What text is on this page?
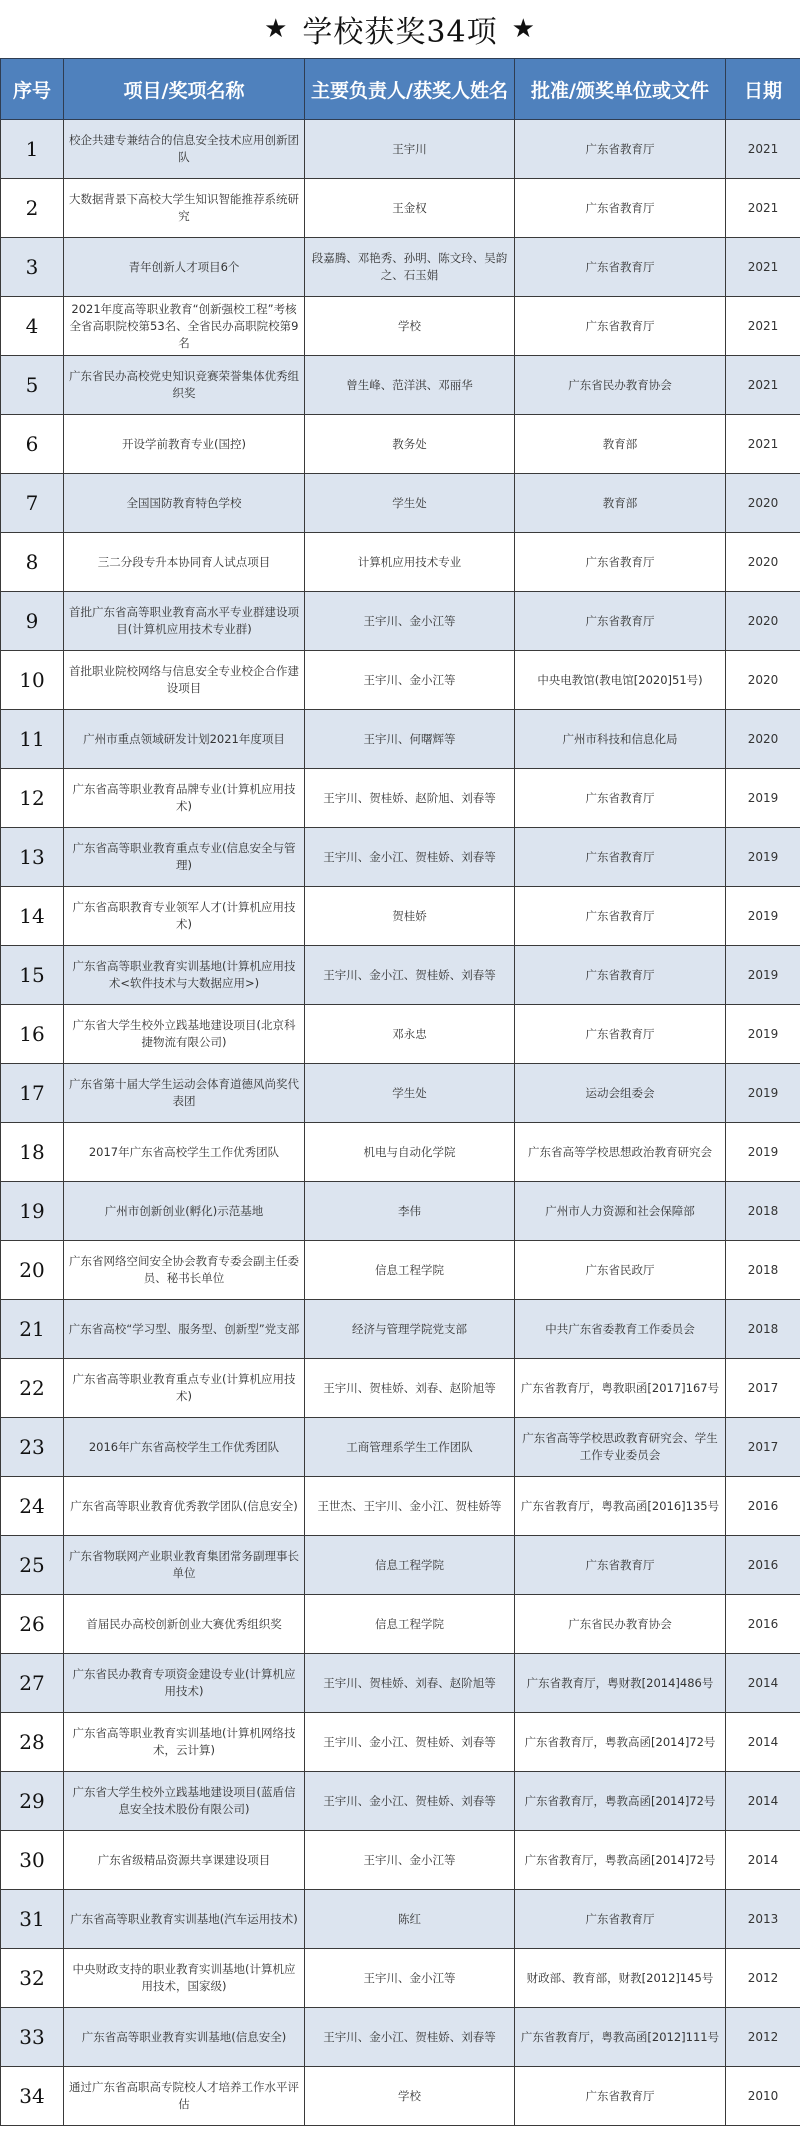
★ 学校获奖34项 ★
序号	项目/奖项名称	主要负责人/获奖人姓名	批准/颁奖单位或文件	日期
1	校企共建专兼结合的信息安全技术应用创新团队	王宇川	广东省教育厅	2021
2	大数据背景下高校大学生知识智能推荐系统研究	王金权	广东省教育厅	2021
3	青年创新人才项目6个	段嘉腾、邓艳秀、孙明、陈文玲、吴韵之、石玉娟	广东省教育厅	2021
4	2021年度高等职业教育“创新强校工程”考核全省高职院校第53名、全省民办高职院校第9名	学校	广东省教育厅	2021
5	广东省民办高校党史知识竞赛荣誉集体优秀组织奖	曾生峰、范洋淇、邓丽华	广东省民办教育协会	2021
6	开设学前教育专业(国控)	教务处	教育部	2021
7	全国国防教育特色学校	学生处	教育部	2020
8	三二分段专升本协同育人试点项目	计算机应用技术专业	广东省教育厅	2020
9	首批广东省高等职业教育高水平专业群建设项目(计算机应用技术专业群)	王宇川、金小江等	广东省教育厅	2020
10	首批职业院校网络与信息安全专业校企合作建设项目	王宇川、金小江等	中央电教馆(教电馆[2020]51号)	2020
11	广州市重点领域研发计划2021年度项目	王宇川、何曙辉等	广州市科技和信息化局	2020
12	广东省高等职业教育品牌专业(计算机应用技术)	王宇川、贺桂娇、赵阶旭、刘春等	广东省教育厅	2019
13	广东省高等职业教育重点专业(信息安全与管理)	王宇川、金小江、贺桂娇、刘春等	广东省教育厅	2019
14	广东省高职教育专业领军人才(计算机应用技术)	贺桂娇	广东省教育厅	2019
15	广东省高等职业教育实训基地(计算机应用技术<软件技术与大数据应用>)	王宇川、金小江、贺桂娇、刘春等	广东省教育厅	2019
16	广东省大学生校外立践基地建设项目(北京科捷物流有限公司)	邓永忠	广东省教育厅	2019
17	广东省第十届大学生运动会体育道德风尚奖代表团	学生处	运动会组委会	2019
18	2017年广东省高校学生工作优秀团队	机电与自动化学院	广东省高等学校思想政治教育研究会	2019
19	广州市创新创业(孵化)示范基地	李伟	广州市人力资源和社会保障部	2018
20	广东省网络空间安全协会教育专委会副主任委员、秘书长单位	信息工程学院	广东省民政厅	2018
21	广东省高校“学习型、服务型、创新型”党支部	经济与管理学院党支部	中共广东省委教育工作委员会	2018
22	广东省高等职业教育重点专业(计算机应用技术)	王宇川、贺桂娇、刘春、赵阶旭等	广东省教育厅，粤教职函[2017]167号	2017
23	2016年广东省高校学生工作优秀团队	工商管理系学生工作团队	广东省高等学校思政教育研究会、学生工作专业委员会	2017
24	广东省高等职业教育优秀教学团队(信息安全)	王世杰、王宇川、金小江、贺桂娇等	广东省教育厅，粤教高函[2016]135号	2016
25	广东省物联网产业职业教育集团常务副理事长单位	信息工程学院	广东省教育厅	2016
26	首届民办高校创新创业大赛优秀组织奖	信息工程学院	广东省民办教育协会	2016
27	广东省民办教育专项资金建设专业(计算机应用技术)	王宇川、贺桂娇、刘春、赵阶旭等	广东省教育厅，粤财教[2014]486号	2014
28	广东省高等职业教育实训基地(计算机网络技术，云计算)	王宇川、金小江、贺桂娇、刘春等	广东省教育厅，粤教高函[2014]72号	2014
29	广东省大学生校外立践基地建设项目(蓝盾信息安全技术股份有限公司)	王宇川、金小江、贺桂娇、刘春等	广东省教育厅，粤教高函[2014]72号	2014
30	广东省级精品资源共享课建设项目	王宇川、金小江等	广东省教育厅，粤教高函[2014]72号	2014
31	广东省高等职业教育实训基地(汽车运用技术)	陈红	广东省教育厅	2013
32	中央财政支持的职业教育实训基地(计算机应用技术，国家级)	王宇川、金小江等	财政部、教育部，财教[2012]145号	2012
33	广东省高等职业教育实训基地(信息安全)	王宇川、金小江、贺桂娇、刘春等	广东省教育厅，粤教高函[2012]111号	2012
34	通过广东省高职高专院校人才培养工作水平评估	学校	广东省教育厅	2010
